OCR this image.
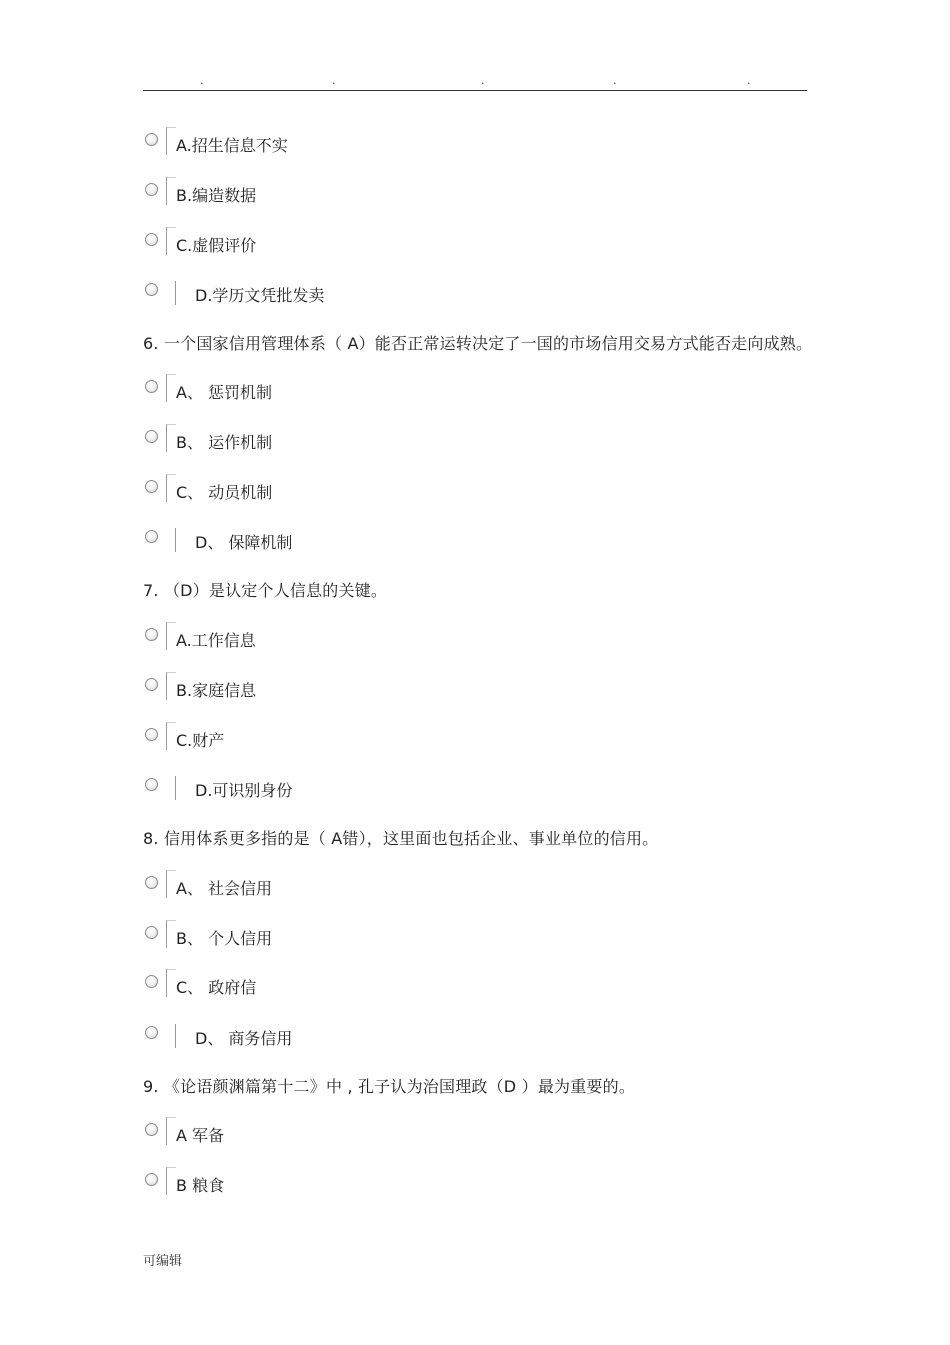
.	.	.	.	.
A.招生信息不实
B.编造数据
C.虚假评价
D.学历文凭批发卖
6. 一个国家信用管理体系（ A）能否正常运转决定了一国的市场信用交易方式能否走向成熟。
A、 惩罚机制
B、 运作机制
C、 动员机制
D、 保障机制
7. （D）是认定个人信息的关键。
A.工作信息
B.家庭信息
C.财产
D.可识别身份
8. 信用体系更多指的是（ A错），这里面也包括企业、事业单位的信用。
A、 社会信用
B、 个人信用
C、 政府信
D、 商务信用
9. 《论语颜渊篇第十二》中 , 孔子认为治国理政（D ）最为重要的。
A 军备
B 粮食
可编辑
